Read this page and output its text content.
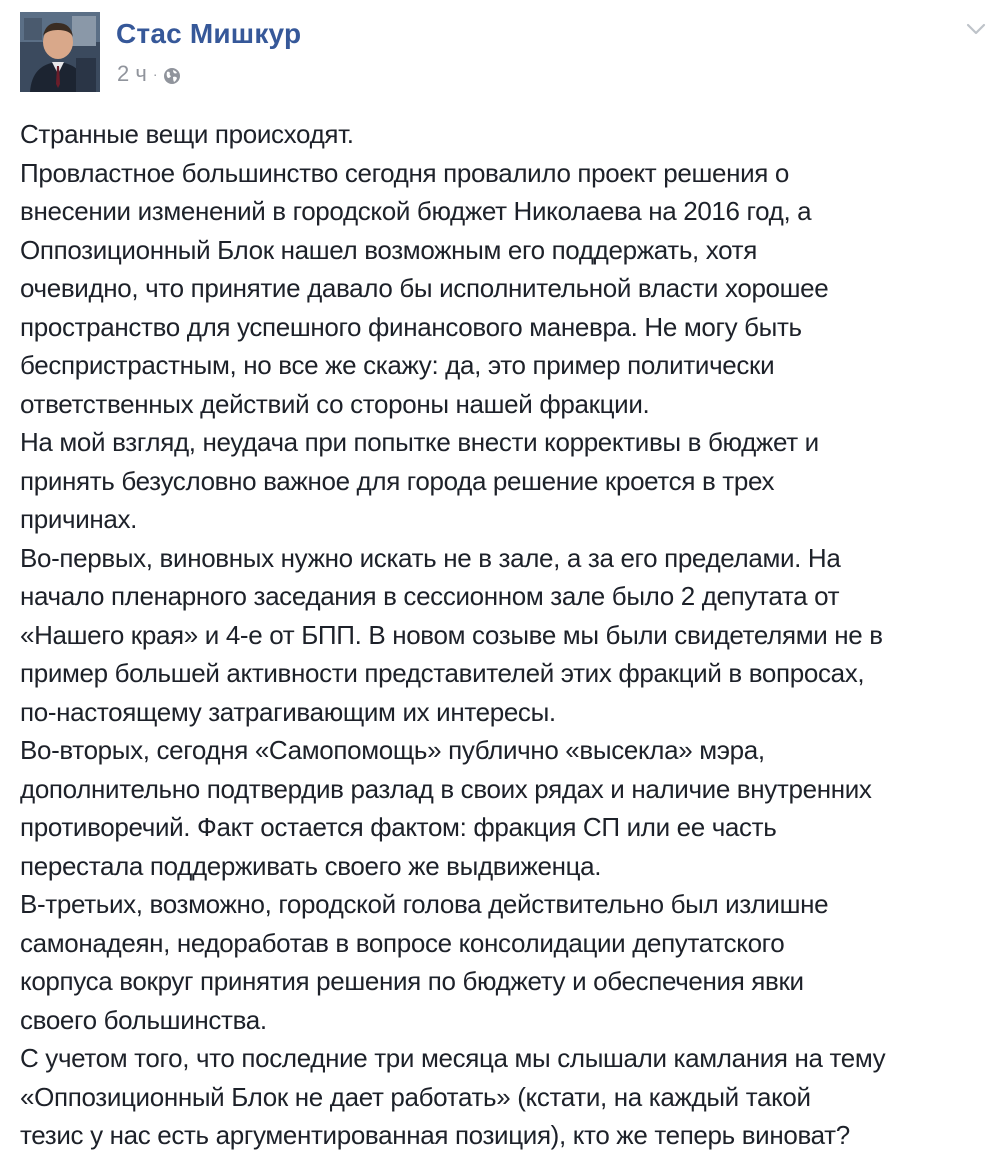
Стас Мишкур
2 ч ·
Странные вещи происходят.
Провластное большинство сегодня провалило проект решения о
внесении изменений в городской бюджет Николаева на 2016 год, а
Оппозиционный Блок нашел возможным его поддержать, хотя
очевидно, что принятие давало бы исполнительной власти хорошее
пространство для успешного финансового маневра. Не могу быть
беспристрастным, но все же скажу: да, это пример политически
ответственных действий со стороны нашей фракции.
На мой взгляд, неудача при попытке внести коррективы в бюджет и
принять безусловно важное для города решение кроется в трех
причинах.
Во-первых, виновных нужно искать не в зале, а за его пределами. На
начало пленарного заседания в сессионном зале было 2 депутата от
«Нашего края» и 4-е от БПП. В новом созыве мы были свидетелями не в
пример большей активности представителей этих фракций в вопросах,
по-настоящему затрагивающим их интересы.
Во-вторых, сегодня «Самопомощь» публично «высекла» мэра,
дополнительно подтвердив разлад в своих рядах и наличие внутренних
противоречий. Факт остается фактом: фракция СП или ее часть
перестала поддерживать своего же выдвиженца.
В-третьих, возможно, городской голова действительно был излишне
самонадеян, недоработав в вопросе консолидации депутатского
корпуса вокруг принятия решения по бюджету и обеспечения явки
своего большинства.
С учетом того, что последние три месяца мы слышали камлания на тему
«Оппозиционный Блок не дает работать» (кстати, на каждый такой
тезис у нас есть аргументированная позиция), кто же теперь виноват?
